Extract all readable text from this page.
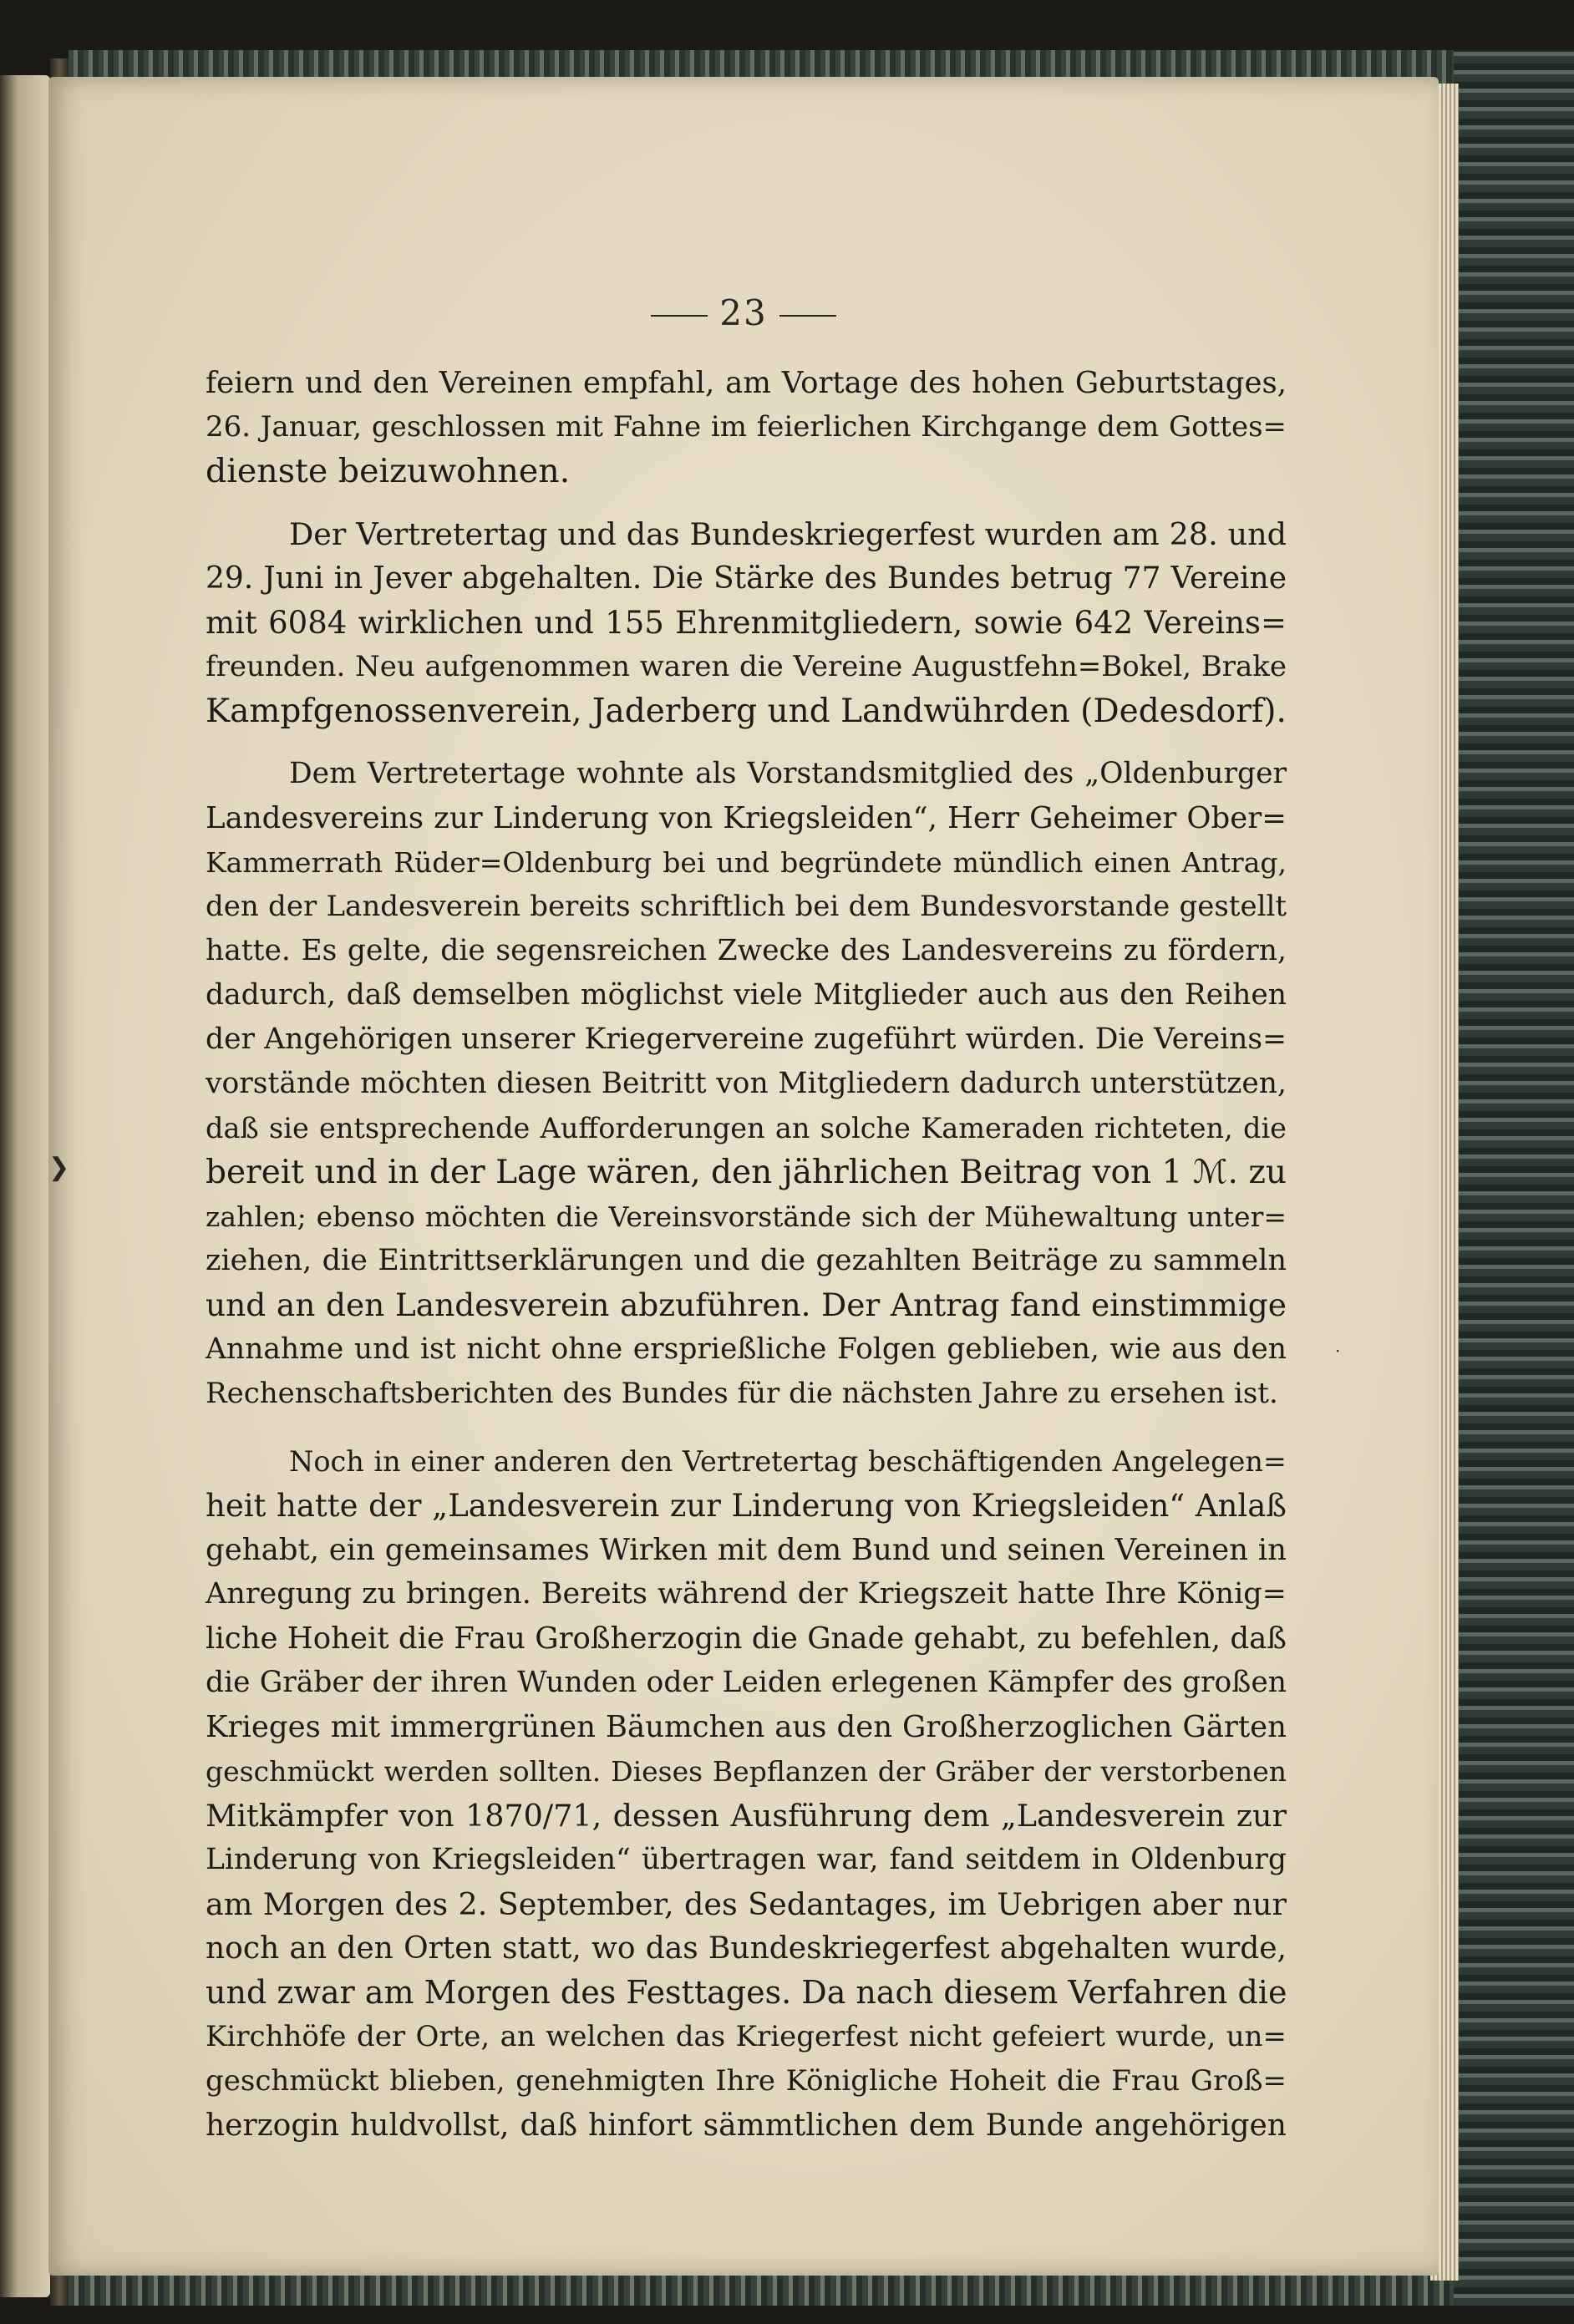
23
❯
·
feiern und den Vereinen empfahl, am Vortage des hohen Geburtstages,
26. Januar, geschlossen mit Fahne im feierlichen Kirchgange dem Gottes=
dienste beizuwohnen.
Der Vertretertag und das Bundeskriegerfest wurden am 28. und
29. Juni in Jever abgehalten. Die Stärke des Bundes betrug 77 Vereine
mit 6084 wirklichen und 155 Ehrenmitgliedern, sowie 642 Vereins=
freunden. Neu aufgenommen waren die Vereine Augustfehn=Bokel, Brake
Kampfgenossenverein, Jaderberg und Landwührden (Dedesdorf).
Dem Vertretertage wohnte als Vorstandsmitglied des „Oldenburger
Landesvereins zur Linderung von Kriegsleiden“, Herr Geheimer Ober=
Kammerrath Rüder=Oldenburg bei und begründete mündlich einen Antrag,
den der Landesverein bereits schriftlich bei dem Bundesvorstande gestellt
hatte. Es gelte, die segensreichen Zwecke des Landesvereins zu fördern,
dadurch, daß demselben möglichst viele Mitglieder auch aus den Reihen
der Angehörigen unserer Kriegervereine zugeführt würden. Die Vereins=
vorstände möchten diesen Beitritt von Mitgliedern dadurch unterstützen,
daß sie entsprechende Aufforderungen an solche Kameraden richteten, die
bereit und in der Lage wären, den jährlichen Beitrag von 1 ℳ. zu
zahlen; ebenso möchten die Vereinsvorstände sich der Mühewaltung unter=
ziehen, die Eintrittserklärungen und die gezahlten Beiträge zu sammeln
und an den Landesverein abzuführen. Der Antrag fand einstimmige
Annahme und ist nicht ohne ersprießliche Folgen geblieben, wie aus den
Rechenschaftsberichten des Bundes für die nächsten Jahre zu ersehen ist.
Noch in einer anderen den Vertretertag beschäftigenden Angelegen=
heit hatte der „Landesverein zur Linderung von Kriegsleiden“ Anlaß
gehabt, ein gemeinsames Wirken mit dem Bund und seinen Vereinen in
Anregung zu bringen. Bereits während der Kriegszeit hatte Ihre König=
liche Hoheit die Frau Großherzogin die Gnade gehabt, zu befehlen, daß
die Gräber der ihren Wunden oder Leiden erlegenen Kämpfer des großen
Krieges mit immergrünen Bäumchen aus den Großherzoglichen Gärten
geschmückt werden sollten. Dieses Bepflanzen der Gräber der verstorbenen
Mitkämpfer von 1870/71, dessen Ausführung dem „Landesverein zur
Linderung von Kriegsleiden“ übertragen war, fand seitdem in Oldenburg
am Morgen des 2. September, des Sedantages, im Uebrigen aber nur
noch an den Orten statt, wo das Bundeskriegerfest abgehalten wurde,
und zwar am Morgen des Festtages. Da nach diesem Verfahren die
Kirchhöfe der Orte, an welchen das Kriegerfest nicht gefeiert wurde, un=
geschmückt blieben, genehmigten Ihre Königliche Hoheit die Frau Groß=
herzogin huldvollst, daß hinfort sämmtlichen dem Bunde angehörigen
